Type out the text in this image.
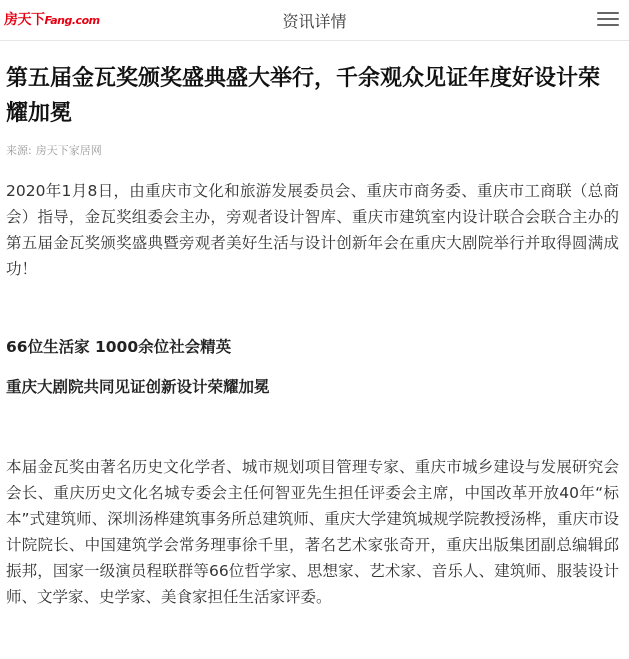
房天下Fang.com	资讯详情
第五届金瓦奖颁奖盛典盛大举行，千余观众见证年度好设计荣耀加冕
来源: 房天下家居网

2020年1月8日，由重庆市文化和旅游发展委员会、重庆市商务委、重庆市工商联（总商会）指导，金瓦奖组委会主办，旁观者设计智库、重庆市建筑室内设计联合会联合主办的第五届金瓦奖颁奖盛典暨旁观者美好生活与设计创新年会在重庆大剧院举行并取得圆满成功！

66位生活家 1000余位社会精英
重庆大剧院共同见证创新设计荣耀加冕

本届金瓦奖由著名历史文化学者、城市规划项目管理专家、重庆市城乡建设与发展研究会会长、重庆历史文化名城专委会主任何智亚先生担任评委会主席，中国改革开放40年“标本”式建筑师、深圳汤桦建筑事务所总建筑师、重庆大学建筑城规学院教授汤桦，重庆市设计院院长、中国建筑学会常务理事徐千里，著名艺术家张奇开，重庆出版集团副总编辑邱振邦，国家一级演员程联群等66位哲学家、思想家、艺术家、音乐人、建筑师、服装设计师、文学家、史学家、美食家担任生活家评委。
